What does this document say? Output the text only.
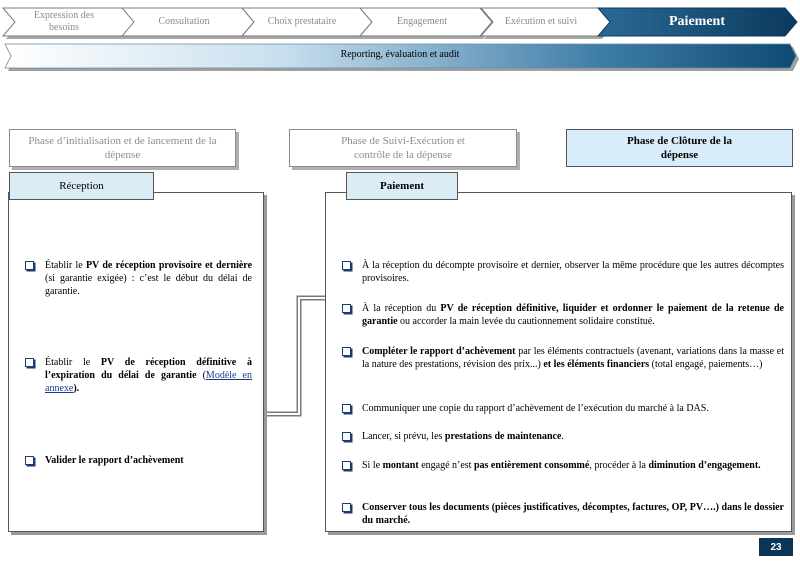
Expression des besoins
Consultation	Choix prestataire	Engagement	Exécution et suivi	Paiement
Reporting, évaluation et audit
Phase d’initialisation et de lancement de la dépense
Phase de Suivi-Exécution et contrôle de la dépense
Phase de Clôture de la dépense
Réception	Paiement
Établir le PV de réception provisoire et dernière (si garantie exigée) : c’est le début du délai de garantie.
Établir le PV de réception définitive à l’expiration du délai de garantie (Modèle en annexe).
Valider le rapport d’achèvement
À la réception du décompte provisoire et dernier, observer la même procédure que les autres décomptes provisoires.
À la réception du PV de réception définitive, liquider et ordonner le paiement de la retenue de garantie ou accorder la main levée du cautionnement solidaire constitué.
Compléter le rapport d’achèvement par les éléments contractuels (avenant, variations dans la masse et la nature des prestations, révision des prix...) et les éléments financiers (total engagé, paiements…)
Communiquer une copie du rapport d’achèvement de l’exécution du marché à la DAS.
Lancer, si prévu, les prestations de maintenance.
Si le montant engagé n’est pas entièrement consommé, procéder à la diminution d’engagement.
Conserver tous les documents (pièces justificatives, décomptes, factures, OP, PV….) dans le dossier du marché.
23
